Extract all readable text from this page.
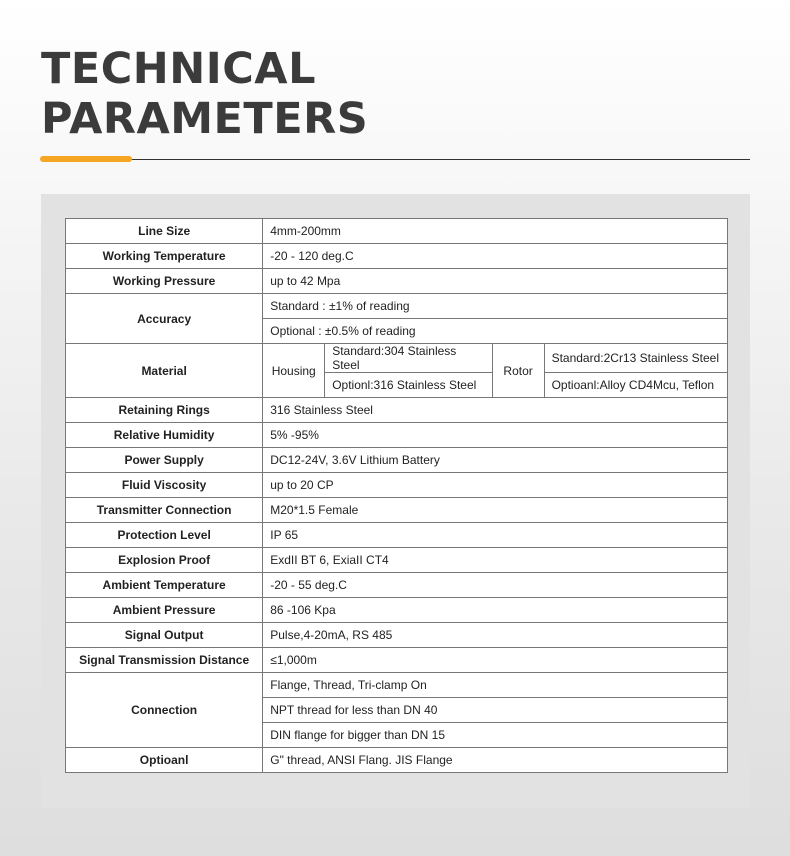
TECHNICAL
PARAMETERS
Line Size	4mm-200mm			
Working Temperature	-20 - 120 deg.C			
Working Pressure	up to 42 Mpa			
Accuracy	Standard : ±1% of reading			
	Optional : ±0.5% of reading			
Material	Housing	Standard:304 Stainless Steel	Rotor	Standard:2Cr13 Stainless Steel
		Optionl:316 Stainless Steel		Optioanl:Alloy CD4Mcu, Teflon
Retaining Rings	316 Stainless Steel			
Relative Humidity	5% -95%			
Power Supply	DC12-24V, 3.6V Lithium Battery			
Fluid Viscosity	up to 20 CP			
Transmitter Connection	M20*1.5 Female			
Protection Level	IP 65			
Explosion Proof	ExdII BT 6, ExiaII CT4			
Ambient Temperature	-20 - 55 deg.C			
Ambient Pressure	86 -106 Kpa			
Signal Output	Pulse,4-20mA, RS 485			
Signal Transmission Distance	≤1,000m			
Connection	Flange, Thread, Tri-clamp On			
	NPT thread for less than DN 40			
	DIN flange for bigger than DN 15			
Optioanl	G" thread, ANSI Flang. JIS Flange			
